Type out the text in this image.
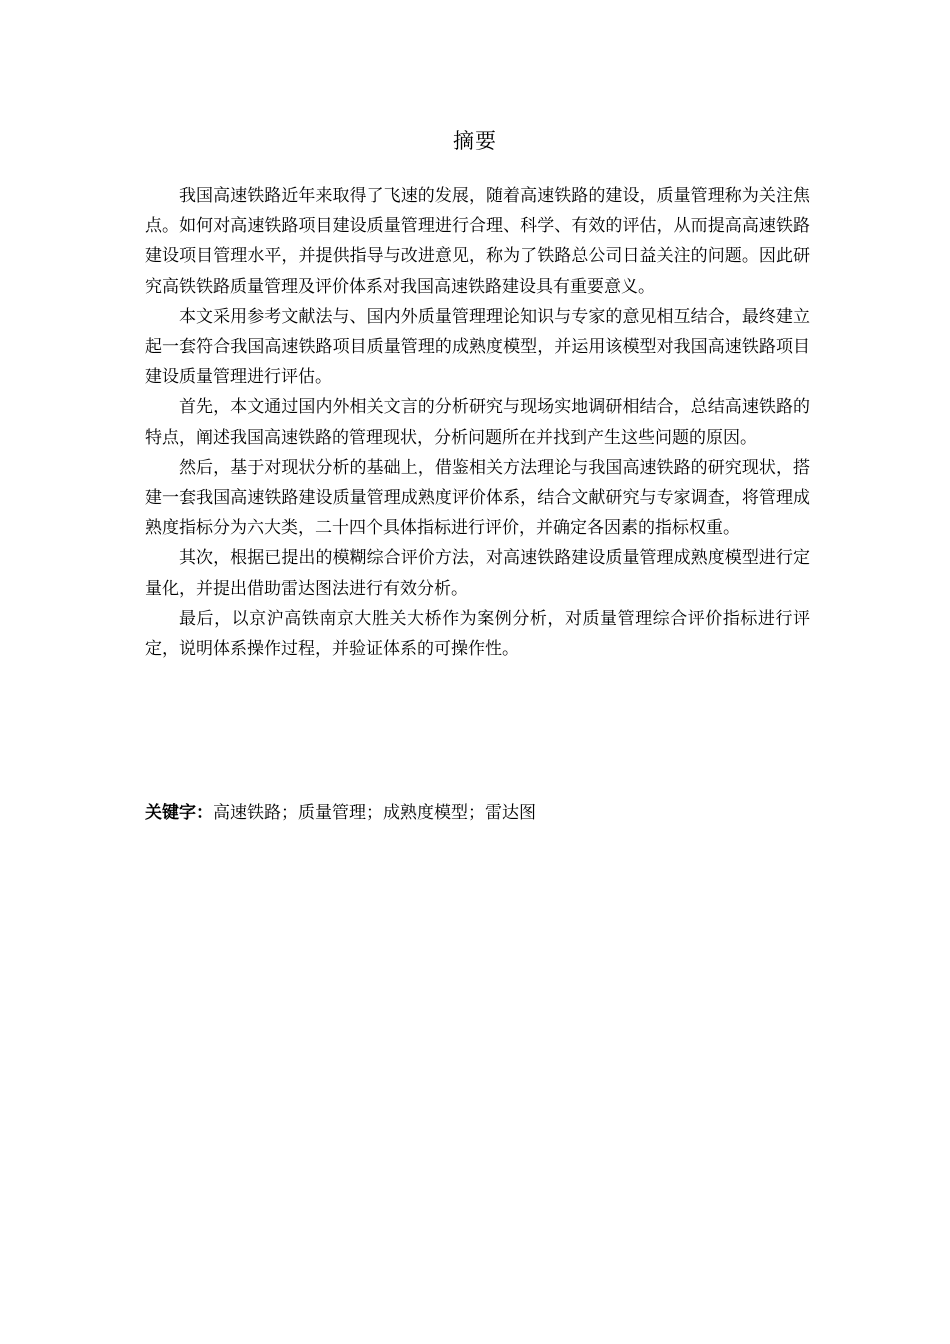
摘要

我国高速铁路近年来取得了飞速的发展，随着高速铁路的建设，质量管理称为关注焦点。如何对高速铁路项目建设质量管理进行合理、科学、有效的评估，从而提高高速铁路建设项目管理水平，并提供指导与改进意见，称为了铁路总公司日益关注的问题。因此研究高铁铁路质量管理及评价体系对我国高速铁路建设具有重要意义。

本文采用参考文献法与、国内外质量管理理论知识与专家的意见相互结合，最终建立起一套符合我国高速铁路项目质量管理的成熟度模型，并运用该模型对我国高速铁路项目建设质量管理进行评估。

首先，本文通过国内外相关文言的分析研究与现场实地调研相结合，总结高速铁路的特点，阐述我国高速铁路的管理现状，分析问题所在并找到产生这些问题的原因。

然后，基于对现状分析的基础上，借鉴相关方法理论与我国高速铁路的研究现状，搭建一套我国高速铁路建设质量管理成熟度评价体系，结合文献研究与专家调查，将管理成熟度指标分为六大类，二十四个具体指标进行评价，并确定各因素的指标权重。

其次，根据已提出的模糊综合评价方法，对高速铁路建设质量管理成熟度模型进行定量化，并提出借助雷达图法进行有效分析。

最后，以京沪高铁南京大胜关大桥作为案例分析，对质量管理综合评价指标进行评定，说明体系操作过程，并验证体系的可操作性。

关键字：高速铁路；质量管理；成熟度模型；雷达图
